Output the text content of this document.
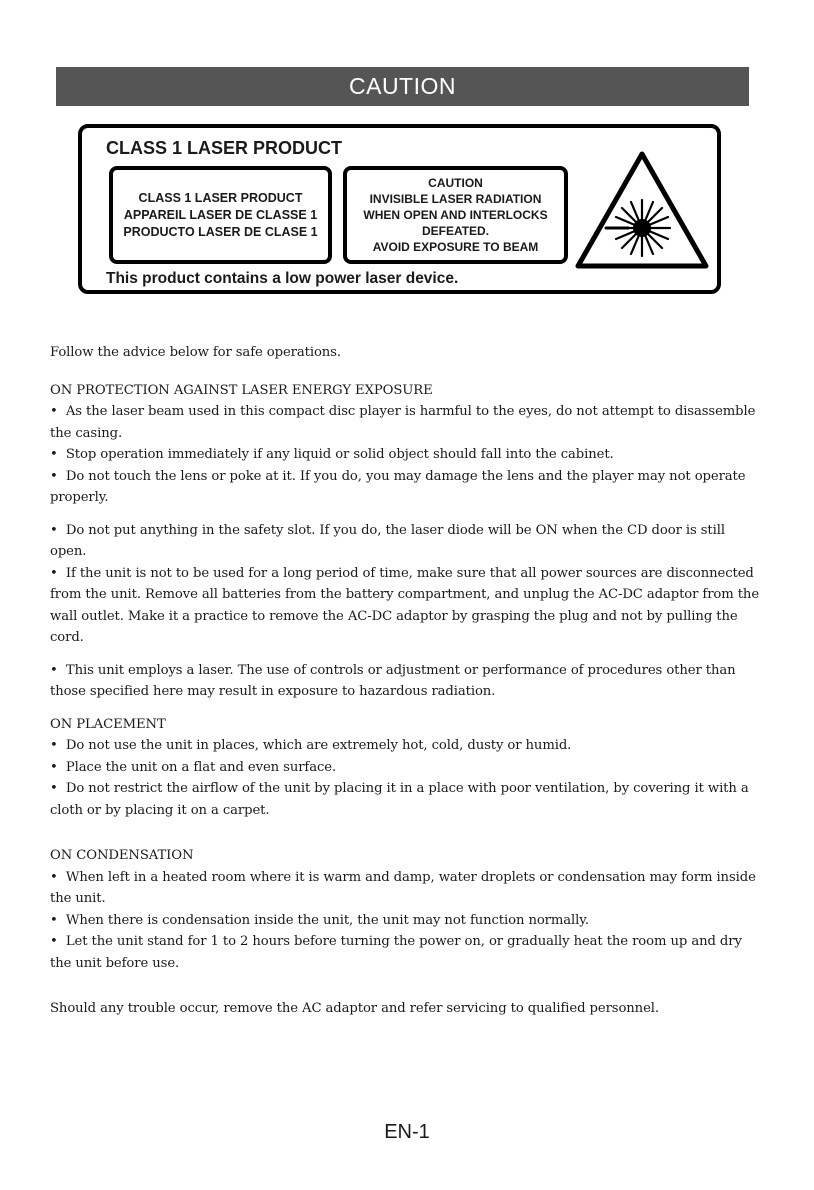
CAUTION
CLASS 1 LASER PRODUCT
CLASS 1 LASER PRODUCT
APPAREIL LASER DE CLASSE 1
PRODUCTO LASER DE CLASE 1
CAUTION
INVISIBLE LASER RADIATION
WHEN OPEN AND INTERLOCKS
DEFEATED.
AVOID EXPOSURE TO BEAM
This product contains a low power laser device.

Follow the advice below for safe operations.

ON PROTECTION AGAINST LASER ENERGY EXPOSURE

•  As the laser beam used in this compact disc player is harmful to the eyes, do not attempt to disassemble the casing.

•  Stop operation immediately if any liquid or solid object should fall into the cabinet.

•  Do not touch the lens or poke at it. If you do, you may damage the lens and the player may not operate properly.

•  Do not put anything in the safety slot. If you do, the laser diode will be ON when the CD door is still open.

•  If the unit is not to be used for a long period of time, make sure that all power sources are disconnected from the unit. Remove all batteries from the battery compartment, and unplug the AC-DC adaptor from the wall outlet. Make it a practice to remove the AC-DC adaptor by grasping the plug and not by pulling the cord.

•  This unit employs a laser. The use of controls or adjustment or performance of procedures other than those specified here may result in exposure to hazardous radiation.

ON PLACEMENT

•  Do not use the unit in places, which are extremely hot, cold, dusty or humid.

•  Place the unit on a flat and even surface.

•  Do not restrict the airflow of the unit by placing it in a place with poor ventilation, by covering it with a cloth or by placing it on a carpet.

ON CONDENSATION

•  When left in a heated room where it is warm and damp, water droplets or condensation may form inside the unit.

•  When there is condensation inside the unit, the unit may not function normally.

•  Let the unit stand for 1 to 2 hours before turning the power on, or gradually heat the room up and dry the unit before use.

Should any trouble occur, remove the AC adaptor and refer servicing to qualified personnel.

EN-1
